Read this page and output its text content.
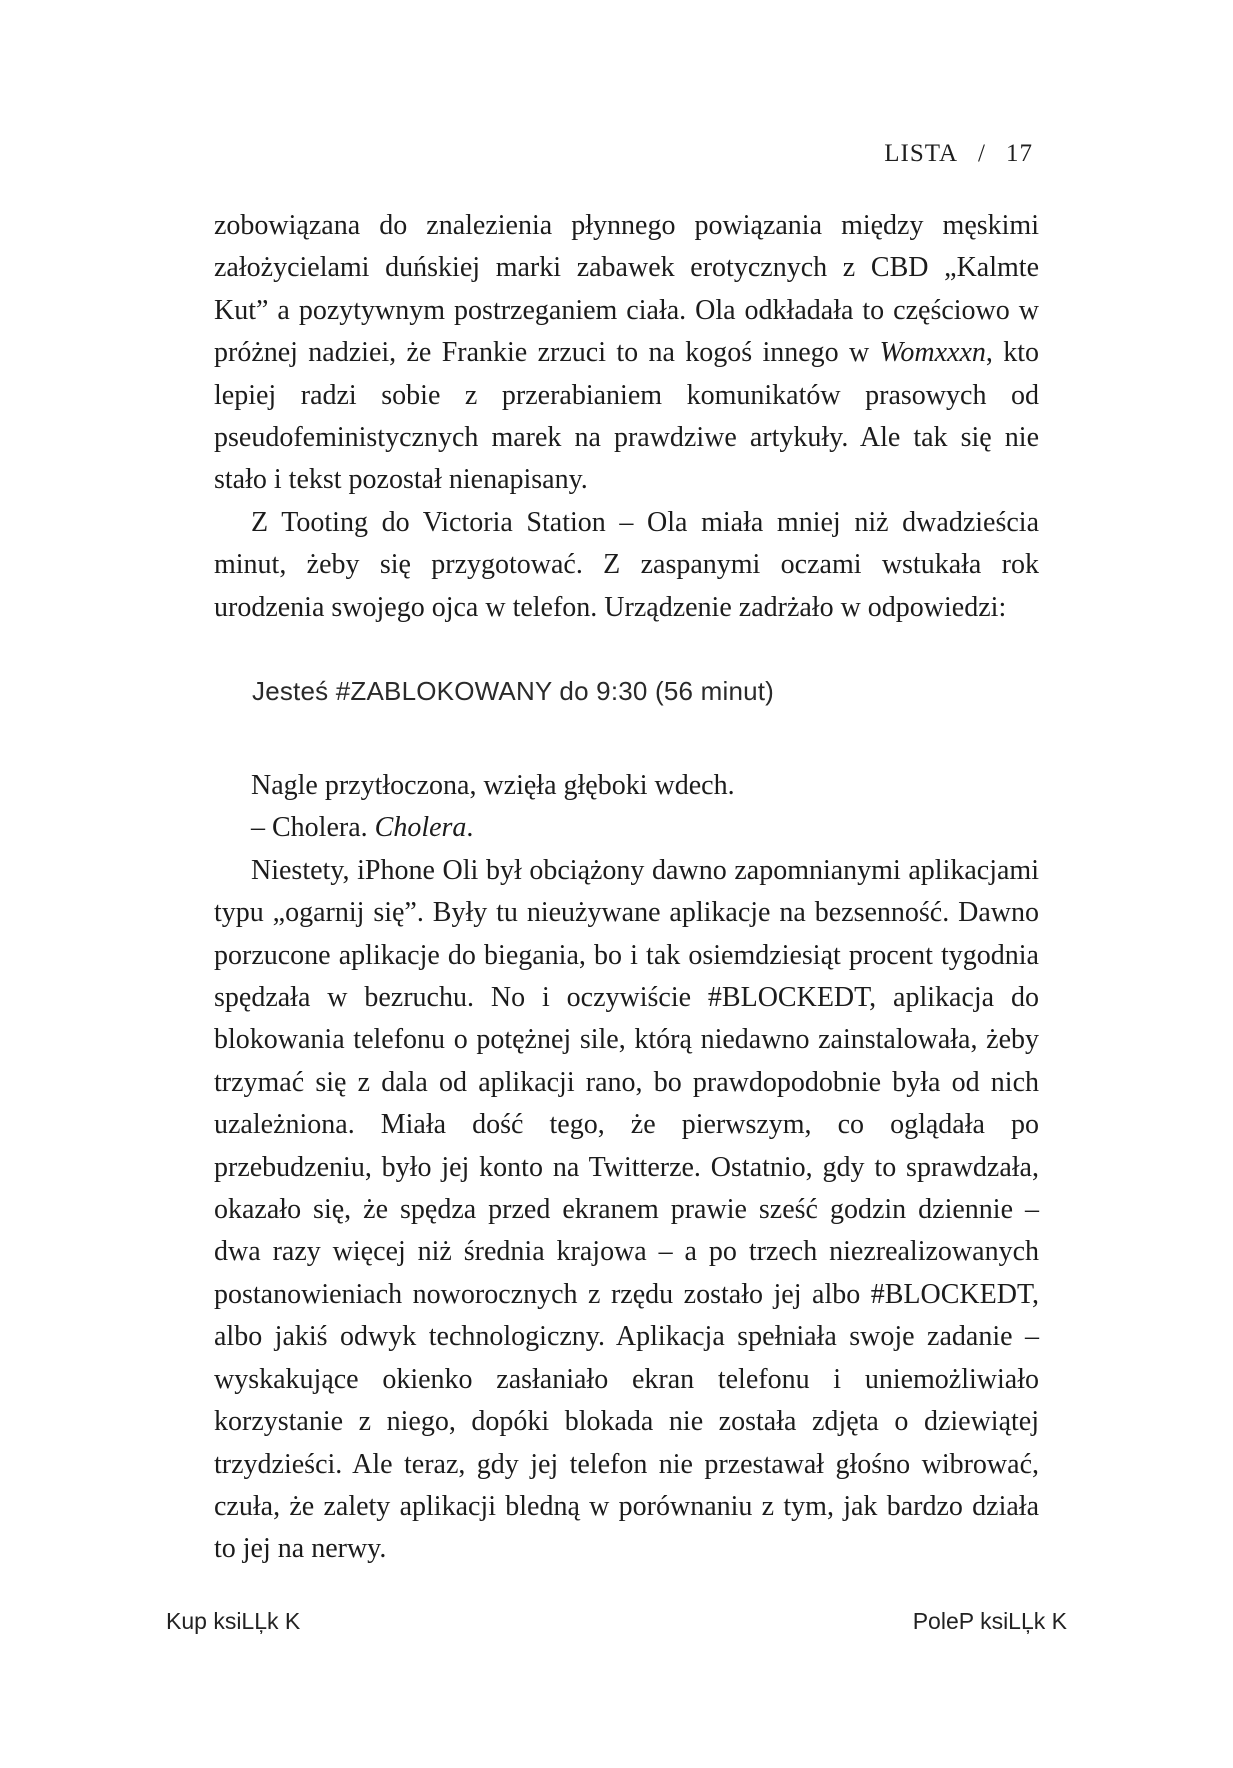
LISTA / 17

zobowiązana do znalezienia płynnego powiązania między męskimi założycielami duńskiej marki zabawek erotycznych z CBD „Kalmte Kut” a pozytywnym postrzeganiem ciała. Ola odkładała to częściowo w próżnej nadziei, że Frankie zrzuci to na kogoś innego w Womxxxn, kto lepiej radzi sobie z przerabianiem komunikatów prasowych od pseudofeministycznych marek na prawdziwe artykuły. Ale tak się nie stało i tekst pozostał nienapisany.

Z Tooting do Victoria Station – Ola miała mniej niż dwadzieścia minut, żeby się przygotować. Z zaspanymi oczami wstukała rok urodzenia swojego ojca w telefon. Urządzenie zadrżało w odpowiedzi:

Jesteś #ZABLOKOWANY do 9:30 (56 minut)

Nagle przytłoczona, wzięła głęboki wdech.

– Cholera. Cholera.

Niestety, iPhone Oli był obciążony dawno zapomnianymi aplikacjami typu „ogarnij się”. Były tu nieużywane aplikacje na bezsenność. Dawno porzucone aplikacje do biegania, bo i tak osiemdziesiąt procent tygodnia spędzała w bezruchu. No i oczywiście #BLOCKEDT, aplikacja do blokowania telefonu o potężnej sile, którą niedawno zainstalowała, żeby trzymać się z dala od aplikacji rano, bo prawdopodobnie była od nich uzależniona. Miała dość tego, że pierwszym, co oglądała po przebudzeniu, było jej konto na Twitterze. Ostatnio, gdy to sprawdzała, okazało się, że spędza przed ekranem prawie sześć godzin dziennie – dwa razy więcej niż średnia krajowa – a po trzech niezrealizowanych postanowieniach noworocznych z rzędu zostało jej albo #BLOCKEDT, albo jakiś odwyk technologiczny. Aplikacja spełniała swoje zadanie – wyskakujące okienko zasłaniało ekran telefonu i uniemożliwiało korzystanie z niego, dopóki blokada nie została zdjęta o dziewiątej trzydzieści. Ale teraz, gdy jej telefon nie przestawał głośno wibrować, czuła, że zalety aplikacji bledną w porównaniu z tym, jak bardzo działa to jej na nerwy.

Kup ksiLĻk K	PoleP ksiLĻk K
